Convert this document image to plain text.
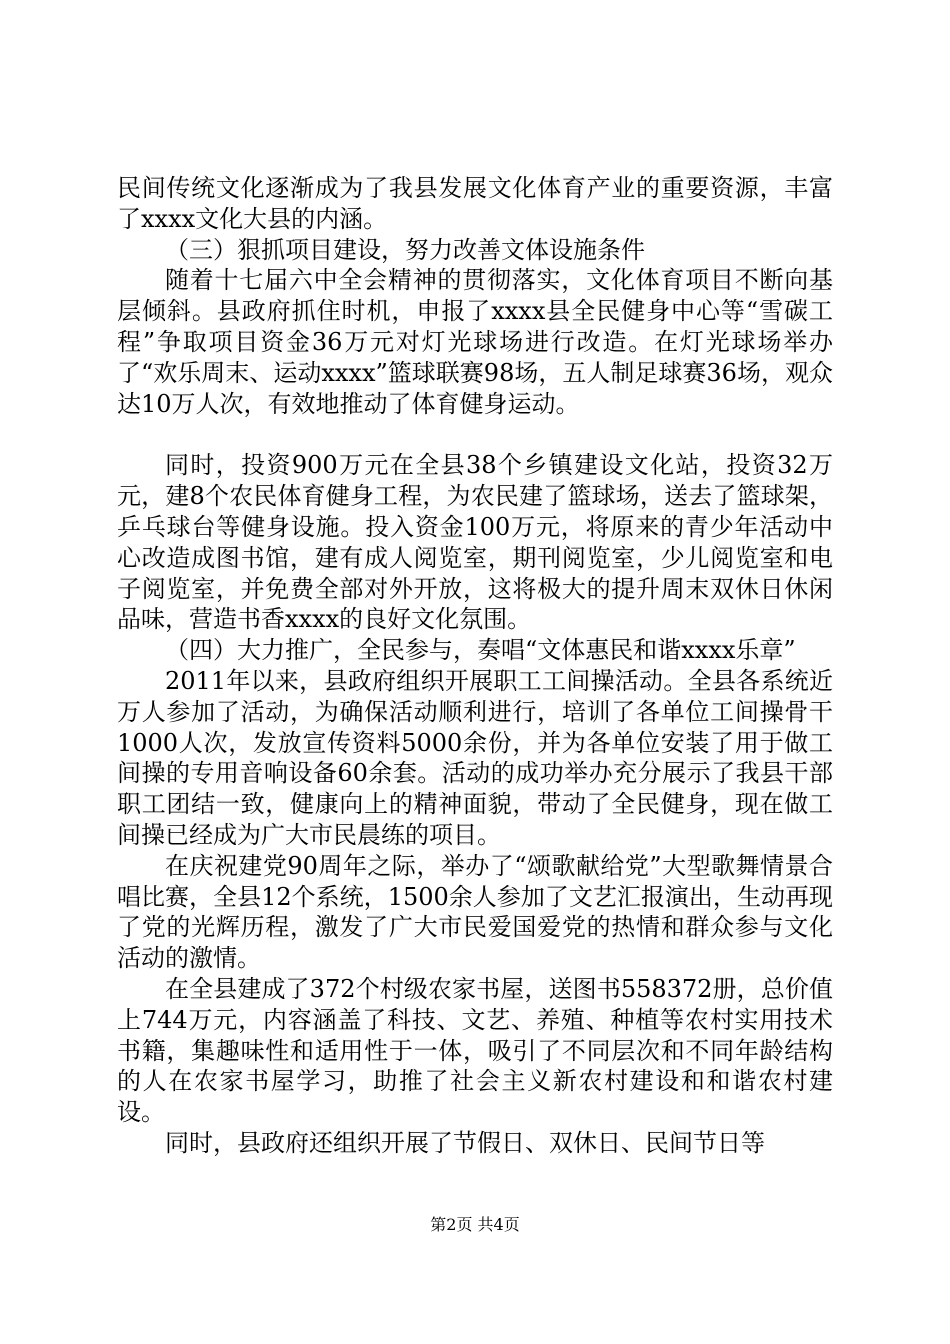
民间传统文化逐渐成为了我县发展文化体育产业的重要资源，丰富了xxxx文化大县的内涵。

（三）狠抓项目建设，努力改善文体设施条件

随着十七届六中全会精神的贯彻落实，文化体育项目不断向基层倾斜。县政府抓住时机，申报了xxxx县全民健身中心等“雪碳工程”争取项目资金36万元对灯光球场进行改造。在灯光球场举办了“欢乐周末、运动xxxx”篮球联赛98场，五人制足球赛36场，观众达10万人次，有效地推动了体育健身运动。

同时，投资900万元在全县38个乡镇建设文化站，投资32万元，建8个农民体育健身工程，为农民建了篮球场，送去了篮球架，乒乓球台等健身设施。投入资金100万元，将原来的青少年活动中心改造成图书馆，建有成人阅览室，期刊阅览室，少儿阅览室和电子阅览室，并免费全部对外开放，这将极大的提升周末双休日休闲品味，营造书香xxxx的良好文化氛围。

（四）大力推广，全民参与，奏唱“文体惠民和谐xxxx乐章”

2011年以来，县政府组织开展职工工间操活动。全县各系统近万人参加了活动，为确保活动顺利进行，培训了各单位工间操骨干1000人次，发放宣传资料5000余份，并为各单位安装了用于做工间操的专用音响设备60余套。活动的成功举办充分展示了我县干部职工团结一致，健康向上的精神面貌，带动了全民健身，现在做工间操已经成为广大市民晨练的项目。

在庆祝建党90周年之际，举办了“颂歌献给党”大型歌舞情景合唱比赛，全县12个系统，1500余人参加了文艺汇报演出，生动再现了党的光辉历程，激发了广大市民爱国爱党的热情和群众参与文化活动的激情。

在全县建成了372个村级农家书屋，送图书558372册，总价值上744万元，内容涵盖了科技、文艺、养殖、种植等农村实用技术书籍，集趣味性和适用性于一体，吸引了不同层次和不同年龄结构的人在农家书屋学习，助推了社会主义新农村建设和和谐农村建设。

同时，县政府还组织开展了节假日、双休日、民间节日等

第2页 共4页
